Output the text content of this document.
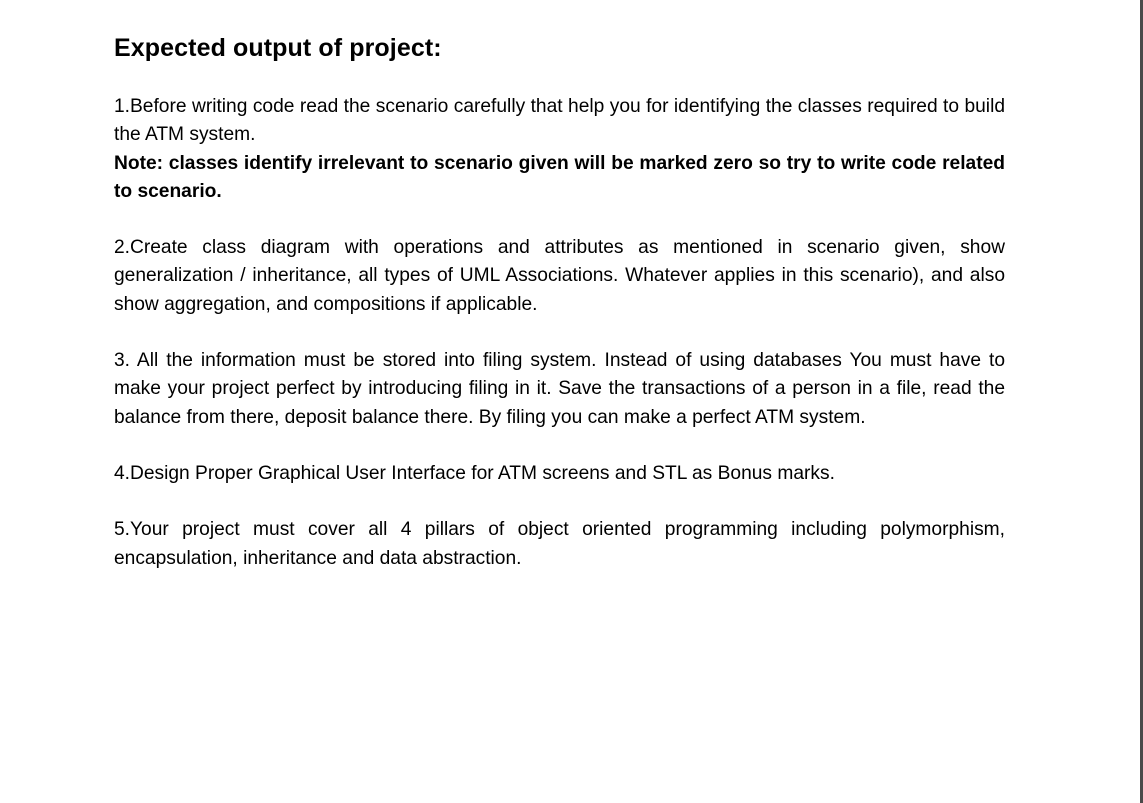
Expected output of project:

1.Before writing code read the scenario carefully that help you for identifying the classes required to build the ATM system.

Note: classes identify irrelevant to scenario given will be marked zero so try to write code related to scenario.

2.Create class diagram with operations and attributes as mentioned in scenario given, show generalization / inheritance, all types of UML Associations. Whatever applies in this scenario), and also show aggregation, and compositions if applicable.

3. All the information must be stored into filing system. Instead of using databases You must have to make your project perfect by introducing filing in it. Save the transactions of a person in a file, read the balance from there, deposit balance there. By filing you can make a perfect ATM system.

4.Design Proper Graphical User Interface for ATM screens and STL as Bonus marks.

5.Your project must cover all 4 pillars of object oriented programming including polymorphism, encapsulation, inheritance and data abstraction.
